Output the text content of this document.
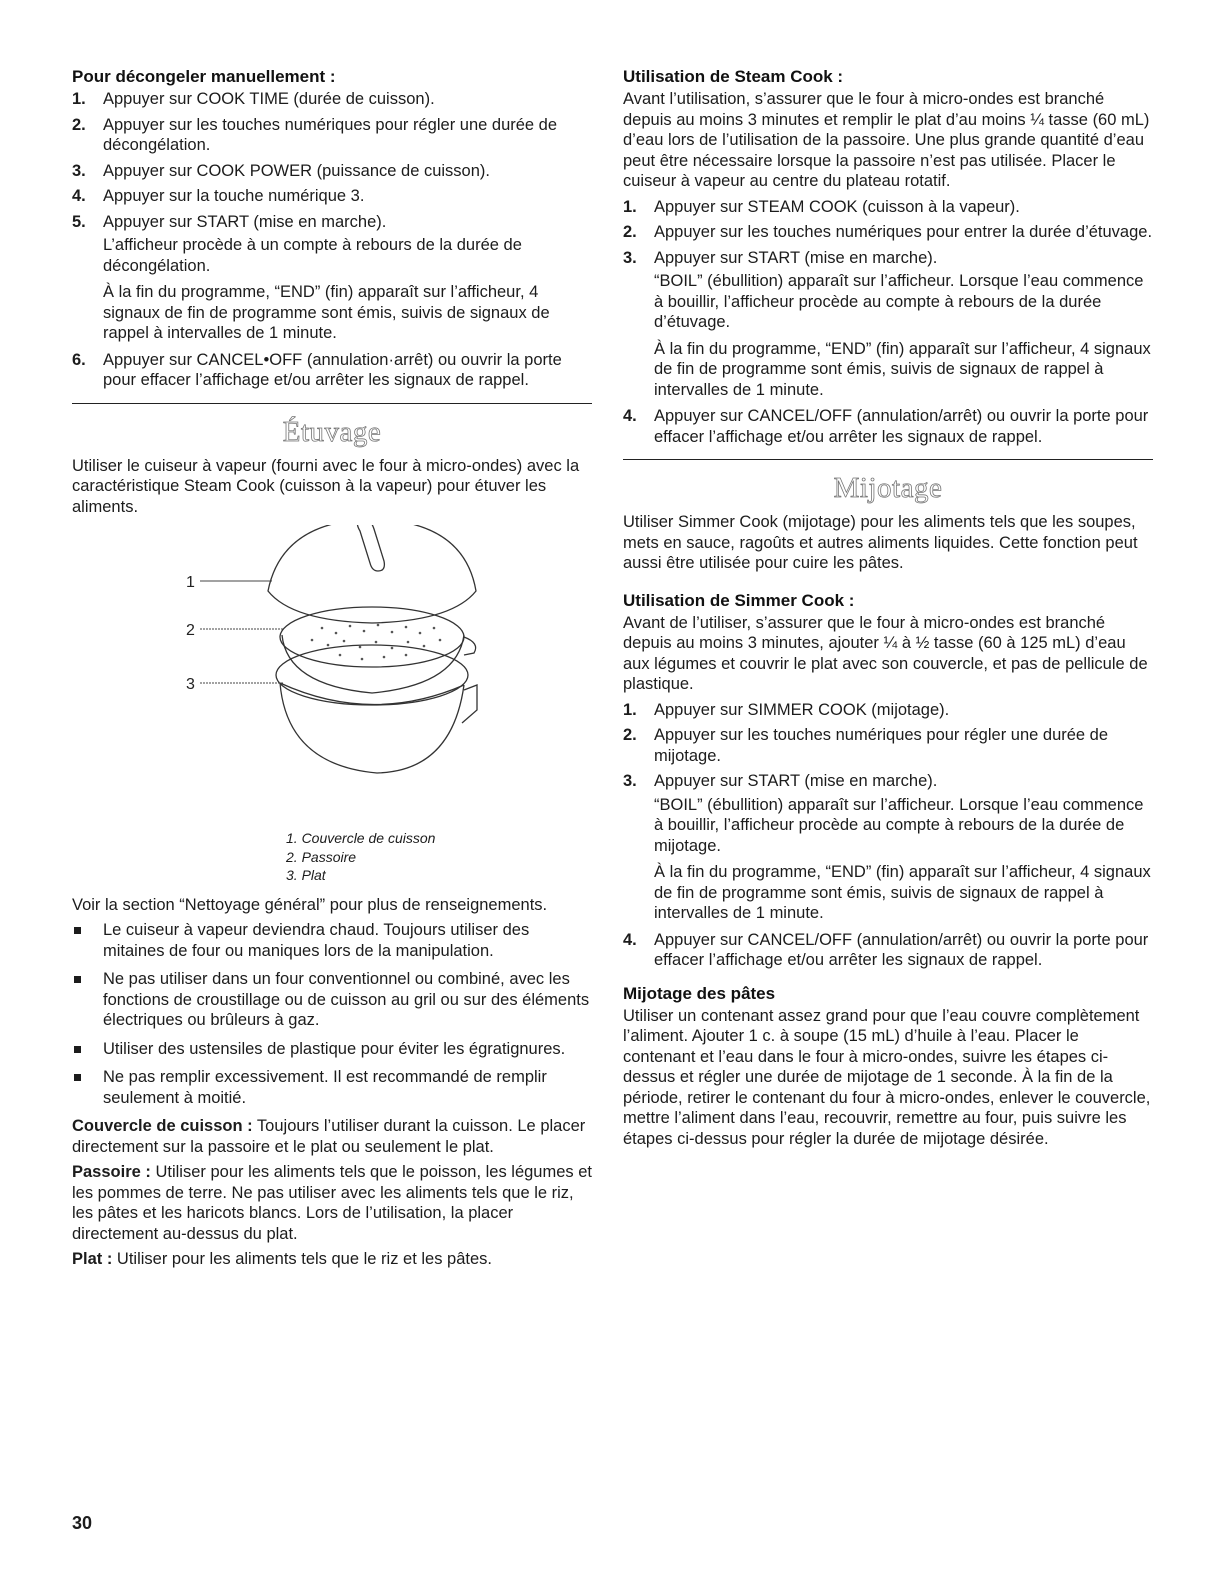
Pour décongeler manuellement :
1. Appuyer sur COOK TIME (durée de cuisson).
2. Appuyer sur les touches numériques pour régler une durée de décongélation.
3. Appuyer sur COOK POWER (puissance de cuisson).
4. Appuyer sur la touche numérique 3.
5. Appuyer sur START (mise en marche).

L’afficheur procède à un compte à rebours de la durée de décongélation.

À la fin du programme, “END” (fin) apparaît sur l’afficheur, 4 signaux de fin de programme sont émis, suivis de signaux de rappel à intervalles de 1 minute.

6. Appuyer sur CANCEL•OFF (annulation·arrêt) ou ouvrir la porte pour effacer l’affichage et/ou arrêter les signaux de rappel.
Étuvage

Utiliser le cuiseur à vapeur (fourni avec le four à micro-ondes) avec la caractéristique Steam Cook (cuisson à la vapeur) pour étuver les aliments.

1
2
3
1. Couvercle de cuisson
2. Passoire
3. Plat

Voir la section “Nettoyage général” pour plus de renseignements.

Le cuiseur à vapeur deviendra chaud. Toujours utiliser des mitaines de four ou maniques lors de la manipulation.
Ne pas utiliser dans un four conventionnel ou combiné, avec les fonctions de croustillage ou de cuisson au gril ou sur des éléments électriques ou brûleurs à gaz.
Utiliser des ustensiles de plastique pour éviter les égratignures.
Ne pas remplir excessivement. Il est recommandé de remplir seulement à moitié.

Couvercle de cuisson : Toujours l’utiliser durant la cuisson. Le placer directement sur la passoire et le plat ou seulement le plat.

Passoire : Utiliser pour les aliments tels que le poisson, les légumes et les pommes de terre. Ne pas utiliser avec les aliments tels que le riz, les pâtes et les haricots blancs. Lors de l’utilisation, la placer directement au-dessus du plat.

Plat : Utiliser pour les aliments tels que le riz et les pâtes.

Utilisation de Steam Cook :

Avant l’utilisation, s’assurer que le four à micro-ondes est branché depuis au moins 3 minutes et remplir le plat d’au moins ¼ tasse (60 mL) d’eau lors de l’utilisation de la passoire. Une plus grande quantité d’eau peut être nécessaire lorsque la passoire n’est pas utilisée. Placer le cuiseur à vapeur au centre du plateau rotatif.

1. Appuyer sur STEAM COOK (cuisson à la vapeur).
2. Appuyer sur les touches numériques pour entrer la durée d’étuvage.
3. Appuyer sur START (mise en marche).

“BOIL” (ébullition) apparaît sur l’afficheur. Lorsque l’eau commence à bouillir, l’afficheur procède au compte à rebours de la durée d’étuvage.

À la fin du programme, “END” (fin) apparaît sur l’afficheur, 4 signaux de fin de programme sont émis, suivis de signaux de rappel à intervalles de 1 minute.

4. Appuyer sur CANCEL/OFF (annulation/arrêt) ou ouvrir la porte pour effacer l’affichage et/ou arrêter les signaux de rappel.
Mijotage

Utiliser Simmer Cook (mijotage) pour les aliments tels que les soupes, mets en sauce, ragoûts et autres aliments liquides. Cette fonction peut aussi être utilisée pour cuire les pâtes.

Utilisation de Simmer Cook :

Avant de l’utiliser, s’assurer que le four à micro-ondes est branché depuis au moins 3 minutes, ajouter ¼ à ½ tasse (60 à 125 mL) d’eau aux légumes et couvrir le plat avec son couvercle, et pas de pellicule de plastique.

1. Appuyer sur SIMMER COOK (mijotage).
2. Appuyer sur les touches numériques pour régler une durée de mijotage.
3. Appuyer sur START (mise en marche).

“BOIL” (ébullition) apparaît sur l’afficheur. Lorsque l’eau commence à bouillir, l’afficheur procède au compte à rebours de la durée de mijotage.

À la fin du programme, “END” (fin) apparaît sur l’afficheur, 4 signaux de fin de programme sont émis, suivis de signaux de rappel à intervalles de 1 minute.

4. Appuyer sur CANCEL/OFF (annulation/arrêt) ou ouvrir la porte pour effacer l’affichage et/ou arrêter les signaux de rappel.
Mijotage des pâtes

Utiliser un contenant assez grand pour que l’eau couvre complètement l’aliment. Ajouter 1 c. à soupe (15 mL) d’huile à l’eau. Placer le contenant et l’eau dans le four à micro-ondes, suivre les étapes ci-dessus et régler une durée de mijotage de 1 seconde. À la fin de la période, retirer le contenant du four à micro-ondes, enlever le couvercle, mettre l’aliment dans l’eau, recouvrir, remettre au four, puis suivre les étapes ci-dessus pour régler la durée de mijotage désirée.

30
